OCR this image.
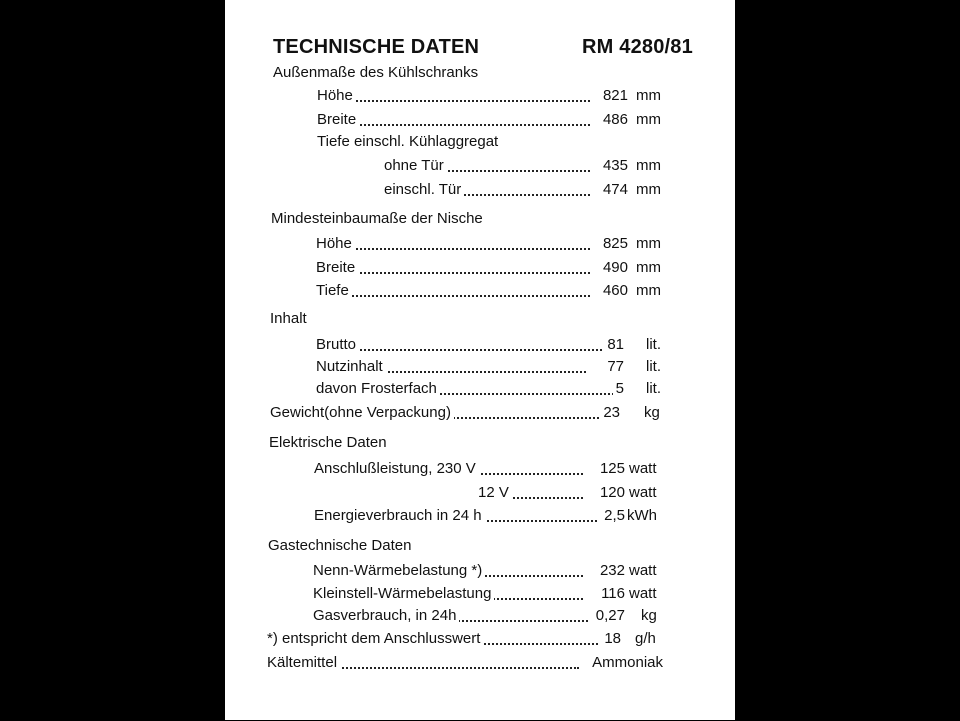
TECHNISCHE DATEN	RM 4280/81
Außenmaße des Kühlschranks
Höhe	821 mm
Breite	486 mm
Tiefe einschl. Kühlaggregat
ohne Tür	435 mm
einschl. Tür	474 mm
Mindesteinbaumaße der Nische
Höhe	825 mm
Breite	490 mm
Tiefe	460 mm
Inhalt
Brutto	81 lit.
Nutzinhalt	77 lit.
davon Frosterfach	5 lit.
Gewicht(ohne Verpackung)	23 kg
Elektrische Daten
Anschlußleistung, 230 V	125 watt
12 V	120 watt
Energieverbrauch in 24 h	2,5 kWh
Gastechnische Daten
Nenn-Wärmebelastung *)	232 watt
Kleinstell-Wärmebelastung	116 watt
Gasverbrauch, in 24h	0,27 kg
*) entspricht dem Anschlusswert	18 g/h
Kältemittel	Ammoniak
4
